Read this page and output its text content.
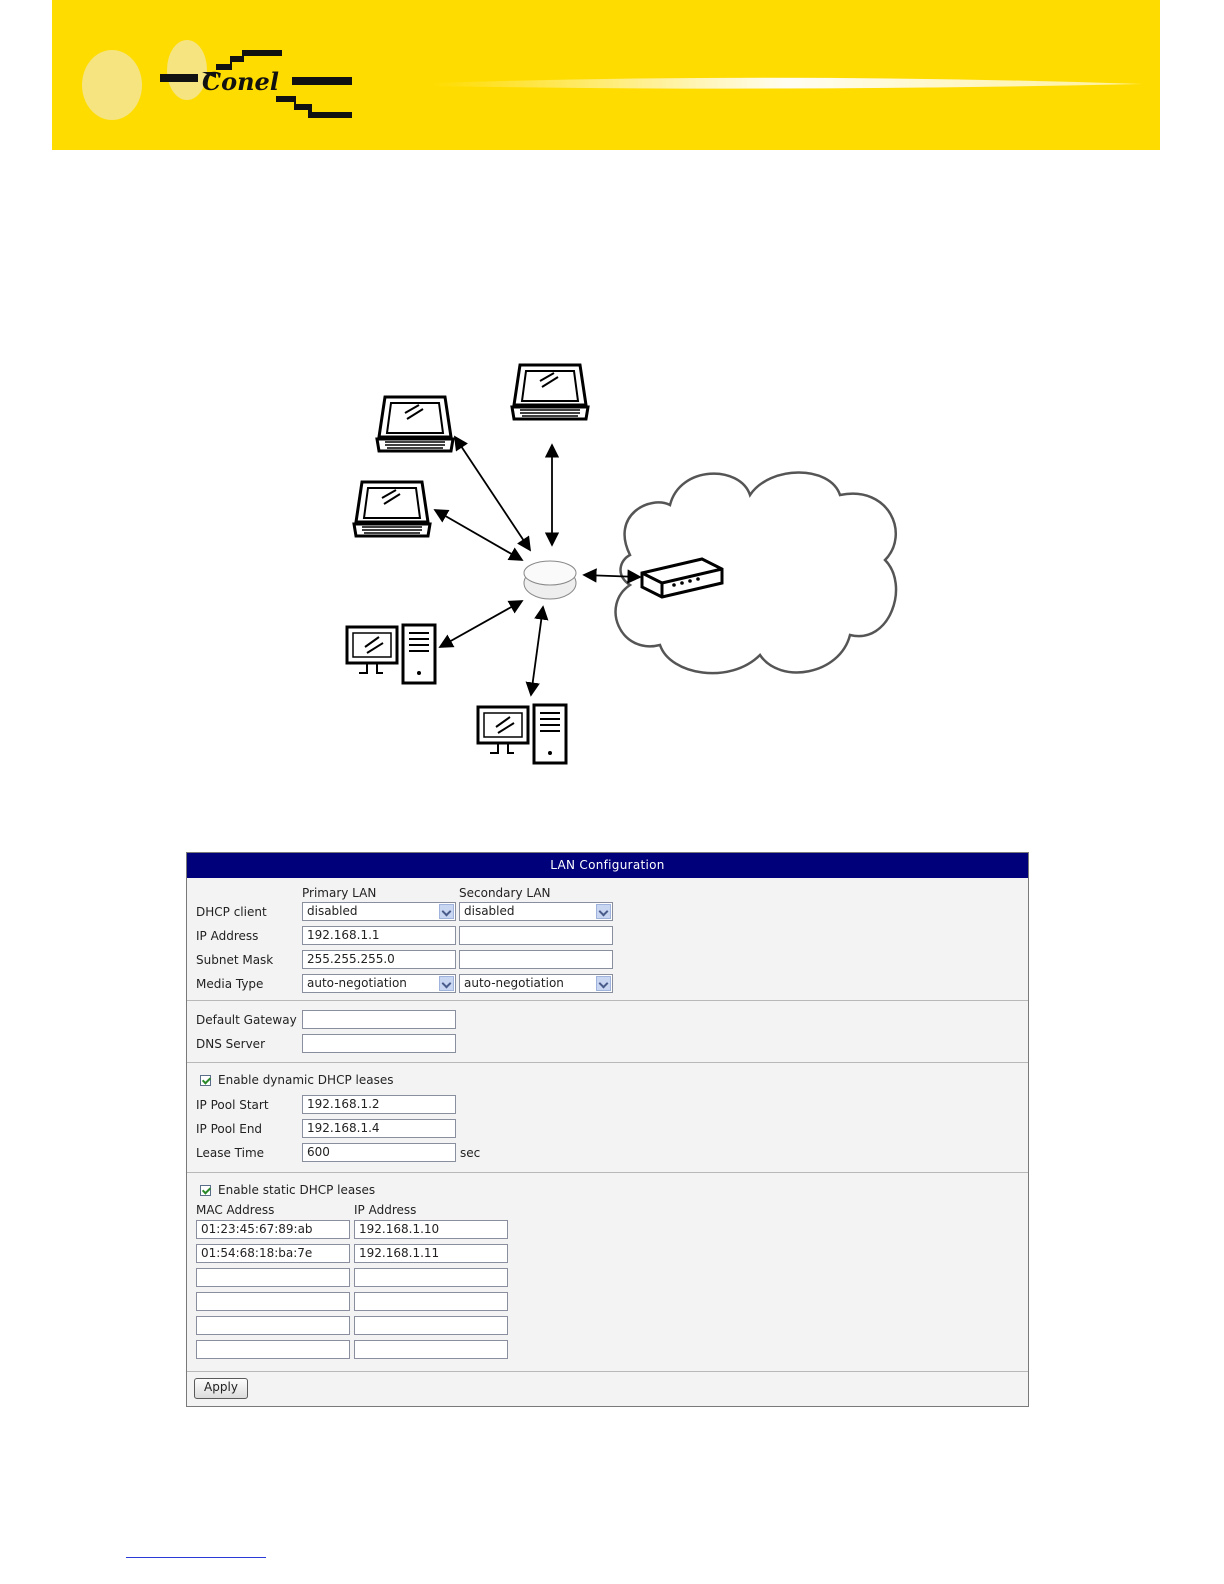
Conel
LAN Configuration
Primary LAN	Secondary LAN
DHCP client	disabled	disabled
IP Address	192.168.1.1
Subnet Mask	255.255.255.0
Media Type	auto-negotiation	auto-negotiation
Default Gateway
DNS Server
Enable dynamic DHCP leases
IP Pool Start	192.168.1.2
IP Pool End	192.168.1.4
Lease Time	600	sec
Enable static DHCP leases
MAC Address	IP Address
01:23:45:67:89:ab	192.168.1.10
01:54:68:18:ba:7e	192.168.1.11
Apply
